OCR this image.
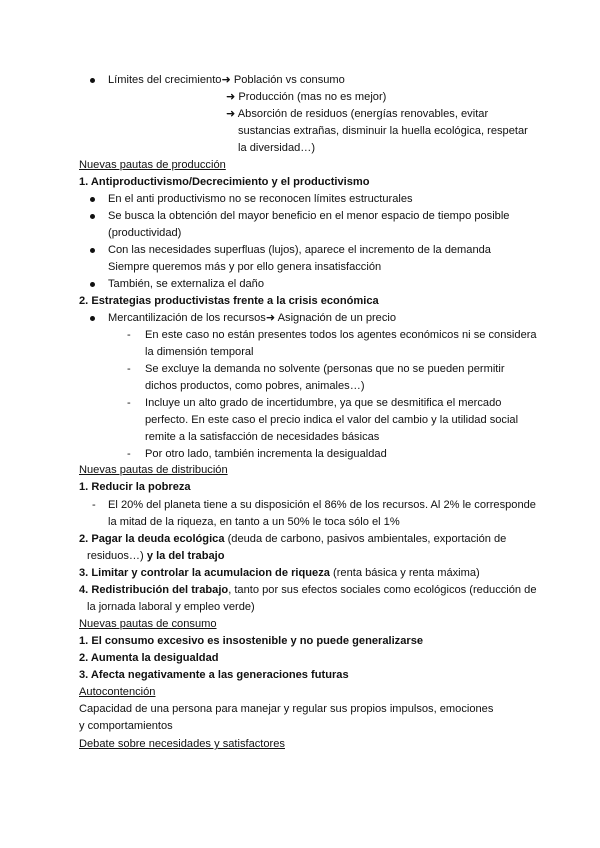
Límites del crecimiento➜ Población vs consumo
➜ Producción (mas no es mejor)
➜ Absorción de residuos (energías renovables, evitar
sustancias extrañas, disminuir la huella ecológica, respetar
la diversidad…)
Nuevas pautas de producción
1. Antiproductivismo/Decrecimiento y el productivismo
En el anti productivismo no se reconocen límites estructurales
Se busca la obtención del mayor beneficio en el menor espacio de tiempo posible
(productividad)
Con las necesidades superfluas (lujos), aparece el incremento de la demanda
Siempre queremos más y por ello genera insatisfacción
También, se externaliza el daño
2. Estrategias productivistas frente a la crisis económica
Mercantilización de los recursos➜ Asignación de un precio
- En este caso no están presentes todos los agentes económicos ni se considera
la dimensión temporal
- Se excluye la demanda no solvente (personas que no se pueden permitir
dichos productos, como pobres, animales…)
- Incluye un alto grado de incertidumbre, ya que se desmitifica el mercado
perfecto. En este caso el precio indica el valor del cambio y la utilidad social
remite a la satisfacción de necesidades básicas
- Por otro lado, también incrementa la desigualdad
Nuevas pautas de distribución
1. Reducir la pobreza
- El 20% del planeta tiene a su disposición el 86% de los recursos. Al 2% le corresponde
la mitad de la riqueza, en tanto a un 50% le toca sólo el 1%
2. Pagar la deuda ecológica (deuda de carbono, pasivos ambientales, exportación de
residuos…) y la del trabajo
3. Limitar y controlar la acumulacion de riqueza (renta básica y renta máxima)
4. Redistribución del trabajo, tanto por sus efectos sociales como ecológicos (reducción de
la jornada laboral y empleo verde)
Nuevas pautas de consumo
1. El consumo excesivo es insostenible y no puede generalizarse
2. Aumenta la desigualdad
3. Afecta negativamente a las generaciones futuras
Autocontención
Capacidad de una persona para manejar y regular sus propios impulsos, emociones
y comportamientos
Debate sobre necesidades y satisfactores
